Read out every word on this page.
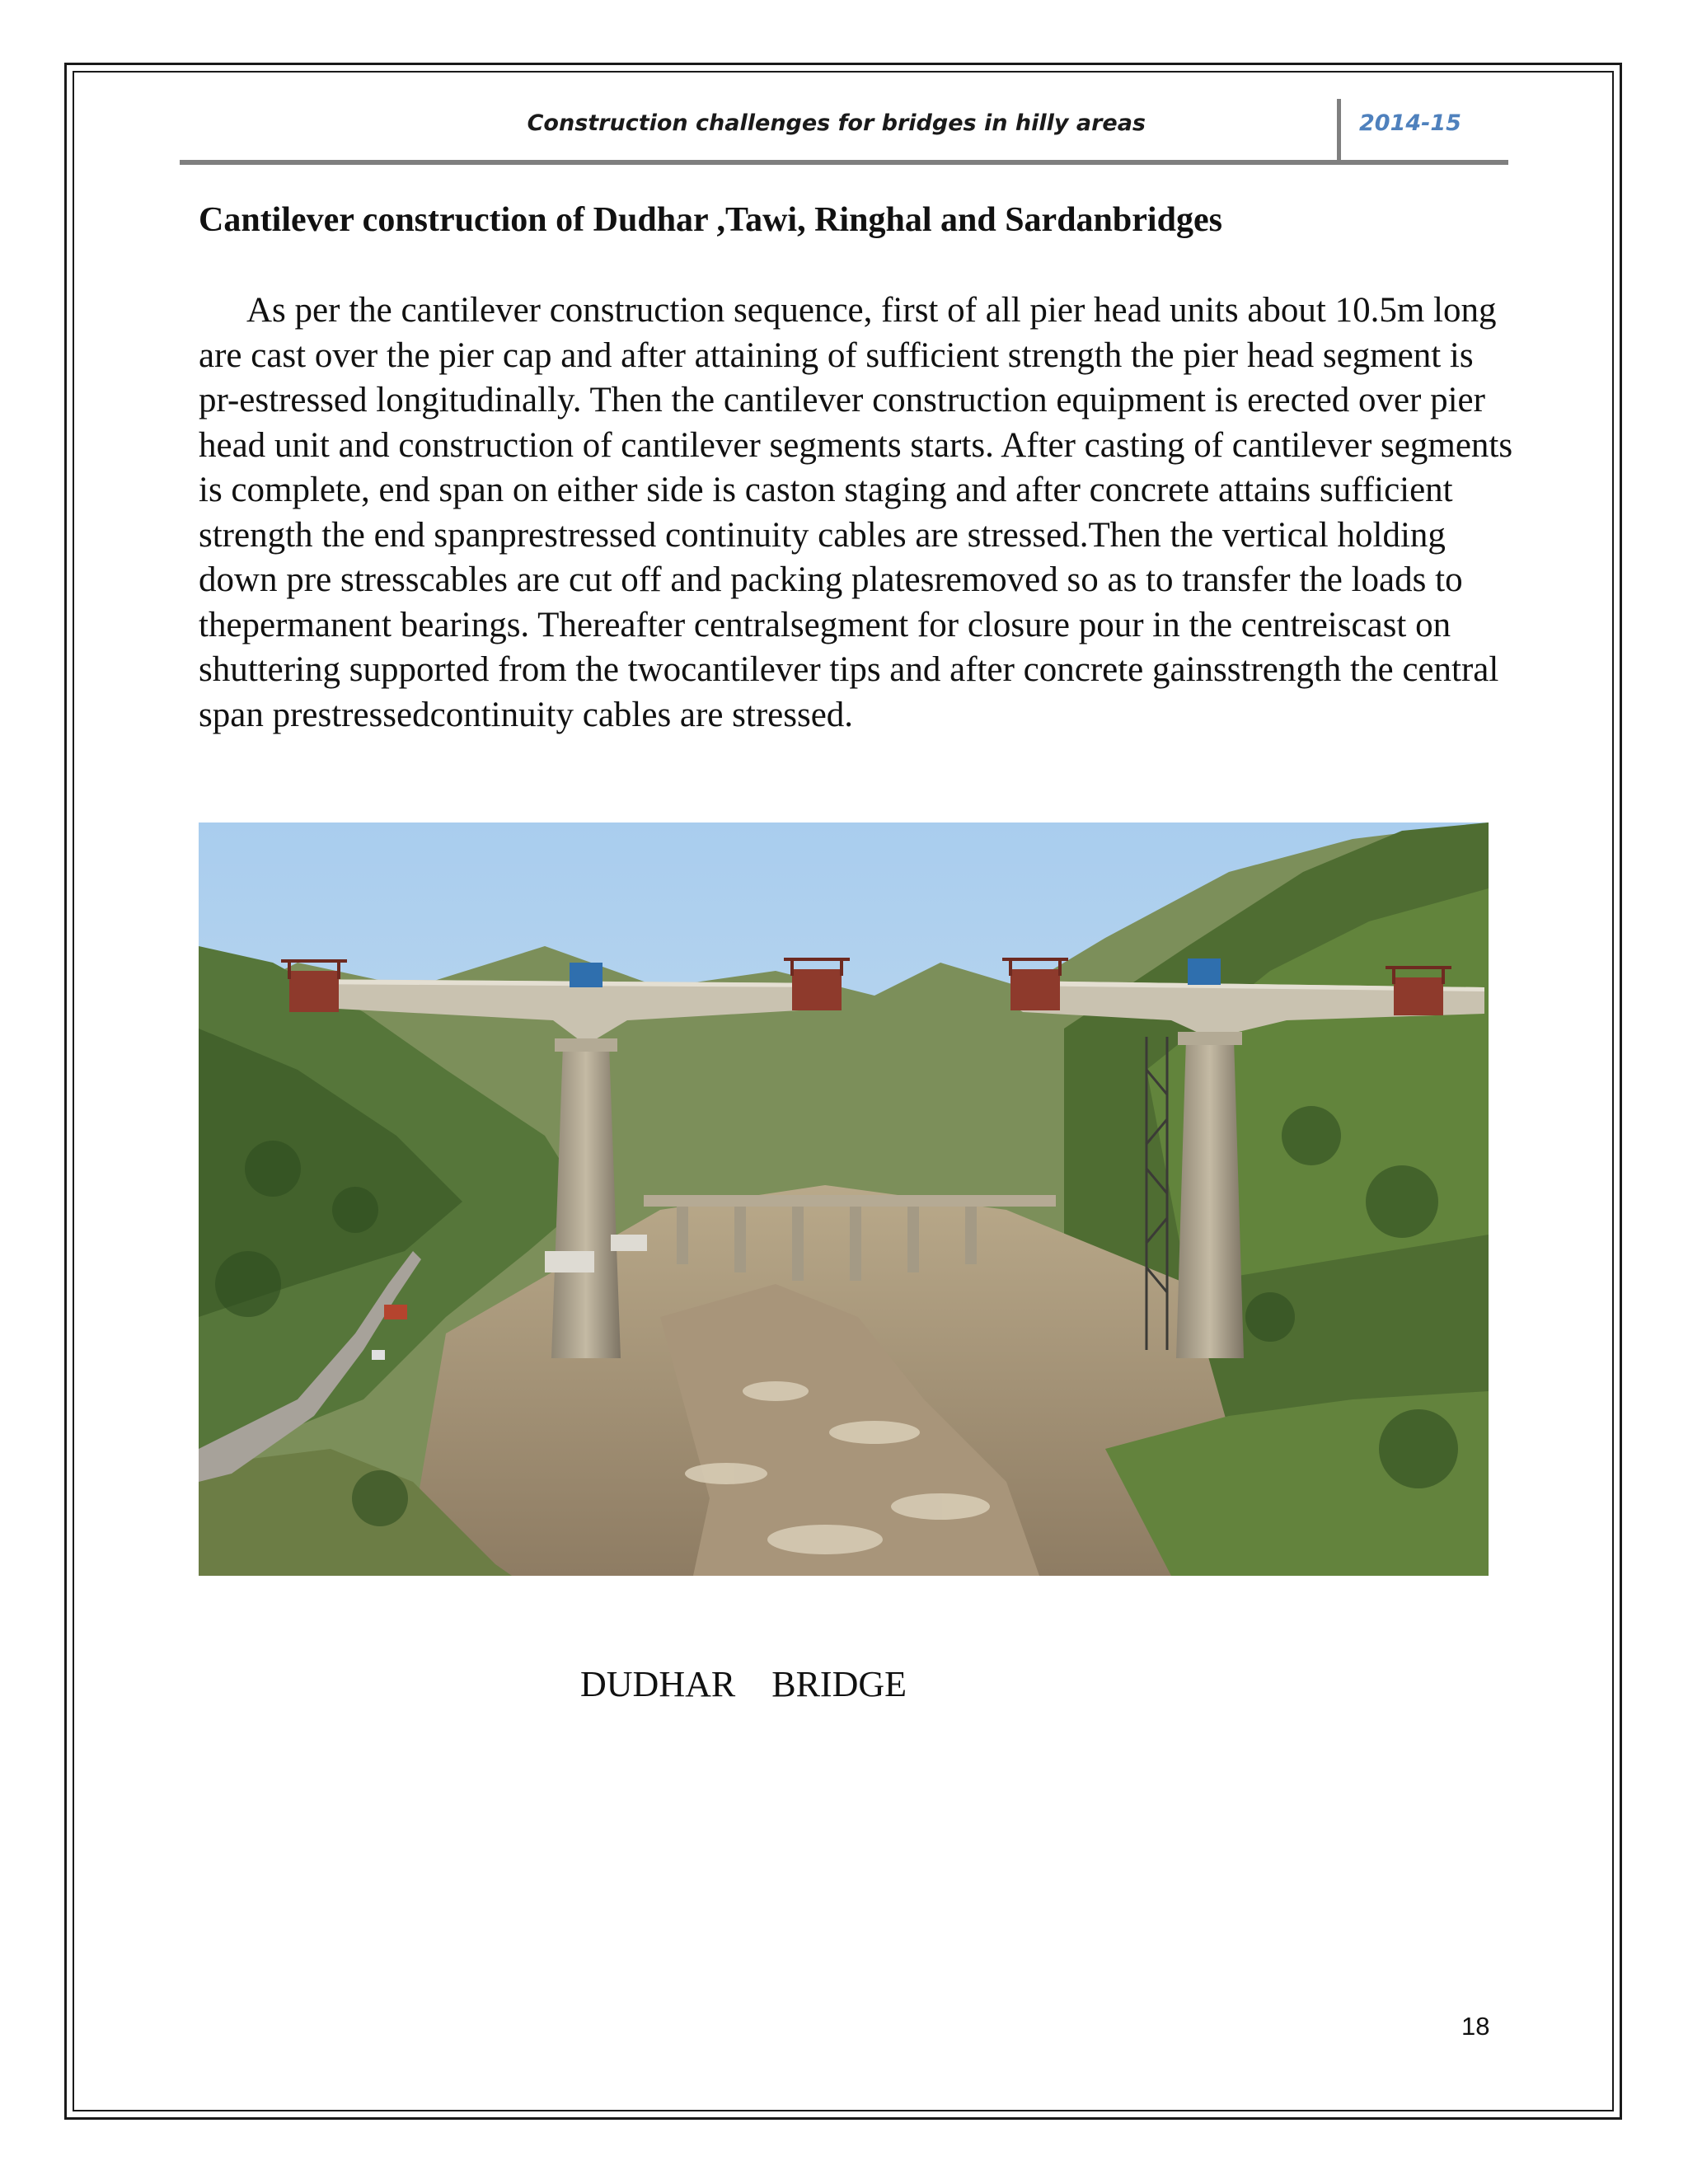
Construction challenges for bridges in hilly areas	2014-15
Cantilever construction of Dudhar ,Tawi, Ringhal and Sardanbridges

As per the cantilever construction sequence, first of all pier head units about 10.5m long are cast over the pier cap and after attaining of sufficient strength the pier head segment is pr-estressed longitudinally. Then the cantilever construction equipment is erected over pier head unit and construction of cantilever segments starts. After casting of cantilever segments is complete, end span on either side is caston staging and after concrete attains sufficient strength the end spanprestressed continuity cables are stressed.Then the vertical holding down pre stresscables are cut off and packing platesremoved so as to transfer the loads to thepermanent bearings. Thereafter centralsegment for closure pour in the centreiscast on shuttering supported from the twocantilever tips and after concrete gainsstrength the central span prestressedcontinuity cables are stressed.

DUDHAR    BRIDGE
18
